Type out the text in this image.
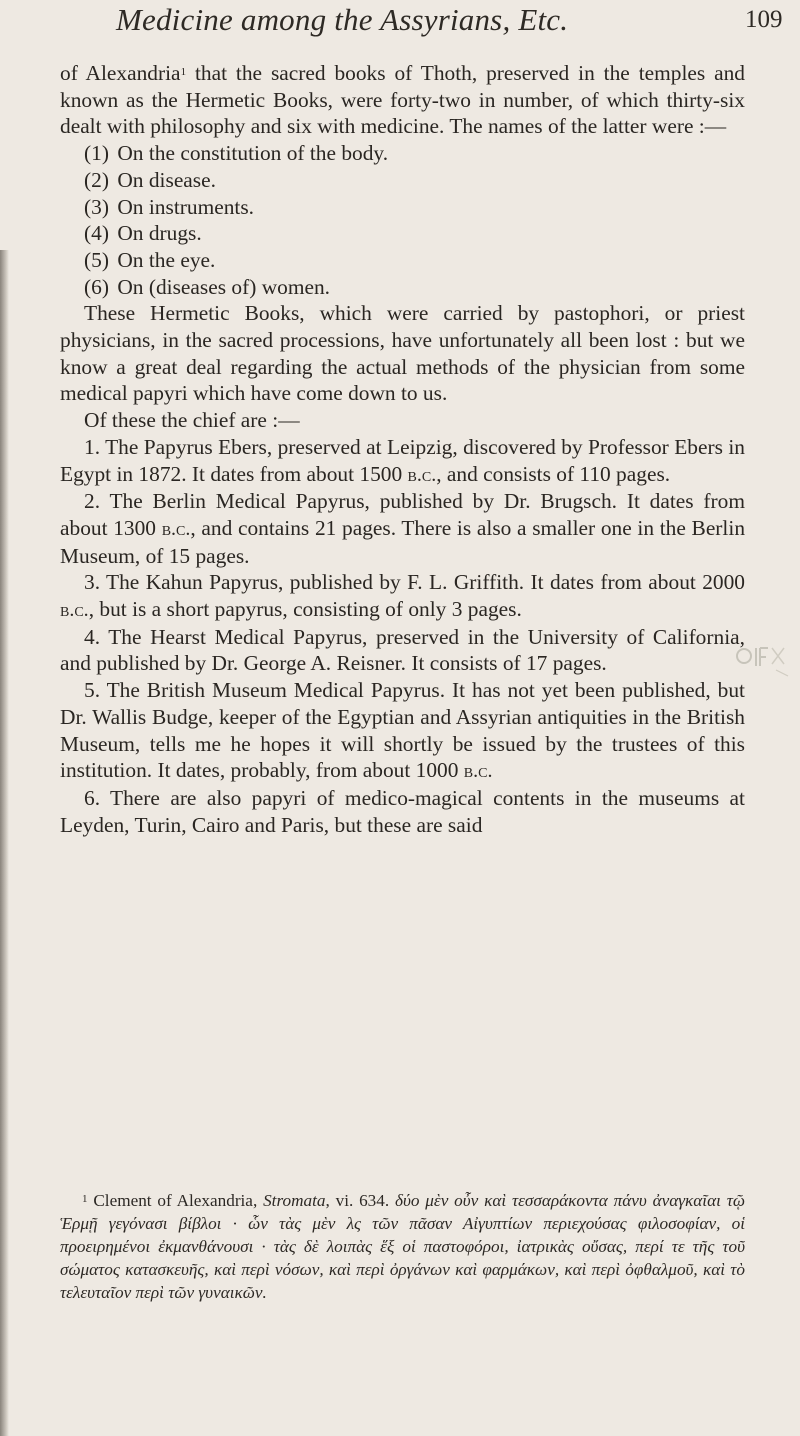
Medicine among the Assyrians, Etc.	109

of Alexandria$^1$ that the sacred books of Thoth, preserved in the temples and known as the Hermetic Books, were forty-two in number, of which thirty-six dealt with philosophy and six with medicine. The names of the latter were :—

(1) On the constitution of the body.

(2) On disease.

(3) On instruments.

(4) On drugs.

(5) On the eye.

(6) On (diseases of) women.

These Hermetic Books, which were carried by pastophori, or priest physicians, in the sacred processions, have unfortunately all been lost : but we know a great deal regarding the actual methods of the physician from some medical papyri which have come down to us.

Of these the chief are :—

1. The Papyrus Ebers, preserved at Leipzig, discovered by Professor Ebers in Egypt in 1872. It dates from about 1500 b.c., and consists of 110 pages.

2. The Berlin Medical Papyrus, published by Dr. Brugsch. It dates from about 1300 b.c., and contains 21 pages. There is also a smaller one in the Berlin Museum, of 15 pages.

3. The Kahun Papyrus, published by F. L. Griffith. It dates from about 2000 b.c., but is a short papyrus, consisting of only 3 pages.

4. The Hearst Medical Papyrus, preserved in the University of California, and published by Dr. George A. Reisner. It consists of 17 pages.

5. The British Museum Medical Papyrus. It has not yet been published, but Dr. Wallis Budge, keeper of the Egyptian and Assyrian antiquities in the British Museum, tells me he hopes it will shortly be issued by the trustees of this institution. It dates, probably, from about 1000 b.c.

6. There are also papyri of medico-magical contents in the museums at Leyden, Turin, Cairo and Paris, but these are said

$^1$ Clement of Alexandria, Stromata, vi. 634. δύο μὲν οὖν καὶ τεσσαράκοντα πάνυ ἀναγκαῖαι τῷ Ἑρμῇ γεγόνασι βίβλοι · ὧν τὰς μὲν λς τῶν πᾶσαν Αἰγυπτίων περιεχούσας φιλοσοφίαν, οἱ προειρημένοι ἐκμανθάνουσι · τὰς δὲ λοιπὰς ἕξ οἱ παστοφόροι, ἰατρικὰς οὔσας, περί τε τῆς τοῦ σώματος κατασκευῆς, καὶ περὶ νόσων, καὶ περὶ ὀργάνων καὶ φαρμάκων, καὶ περὶ ὀφθαλμοῦ, καὶ τὸ τελευταῖον περὶ τῶν γυναικῶν.
